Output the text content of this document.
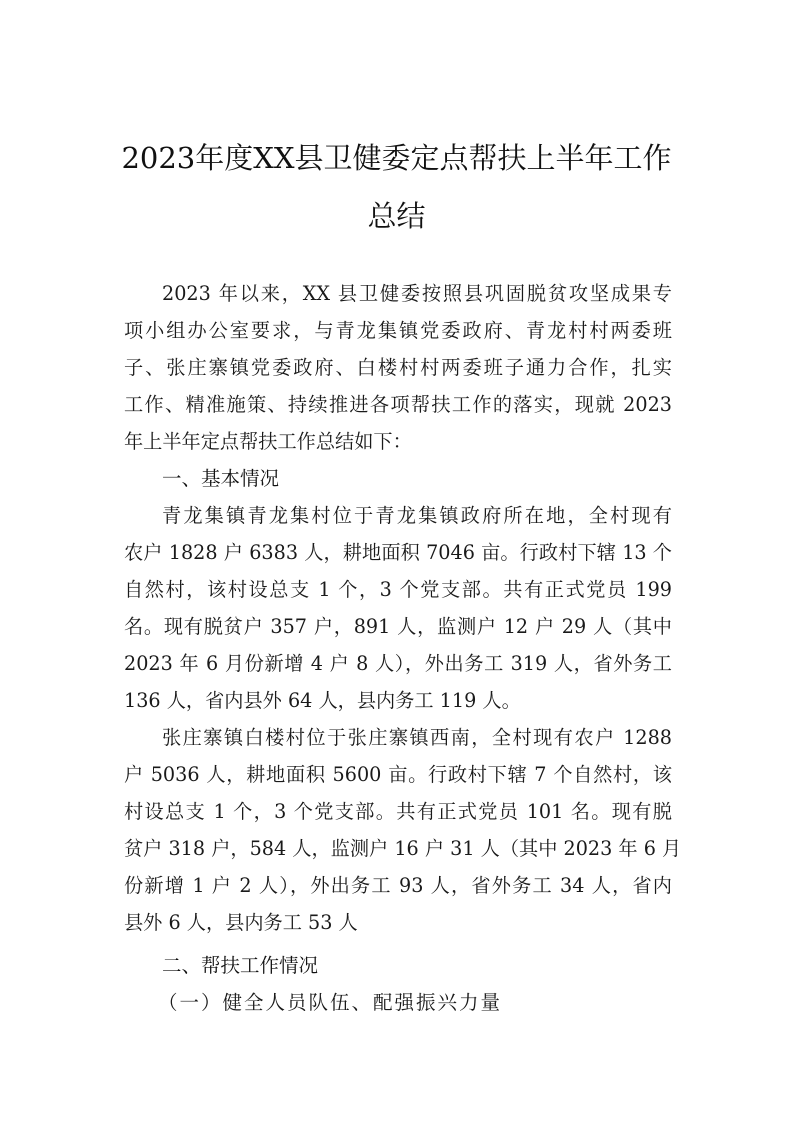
2023年度XX县卫健委定点帮扶上半年工作
总结
2023 年以来，XX 县卫健委按照县巩固脱贫攻坚成果专
项小组办公室要求，与青龙集镇党委政府、青龙村村两委班
子、张庄寨镇党委政府、白楼村村两委班子通力合作，扎实
工作、精准施策、持续推进各项帮扶工作的落实，现就 2023
年上半年定点帮扶工作总结如下：
一、基本情况
青龙集镇青龙集村位于青龙集镇政府所在地，全村现有
农户 1828 户 6383 人，耕地面积 7046 亩。行政村下辖 13 个
自然村，该村设总支 1 个，3 个党支部。共有正式党员 199
名。现有脱贫户 357 户，891 人，监测户 12 户 29 人（其中
2023 年 6 月份新增 4 户 8 人），外出务工 319 人，省外务工
136 人，省内县外 64 人，县内务工 119 人。
张庄寨镇白楼村位于张庄寨镇西南，全村现有农户 1288
户 5036 人，耕地面积 5600 亩。行政村下辖 7 个自然村，该
村设总支 1 个，3 个党支部。共有正式党员 101 名。现有脱
贫户 318 户，584 人，监测户 16 户 31 人（其中 2023 年 6 月
份新增 1 户 2 人），外出务工 93 人，省外务工 34 人，省内
县外 6 人，县内务工 53 人
二、帮扶工作情况
（一）健全人员队伍、配强振兴力量
